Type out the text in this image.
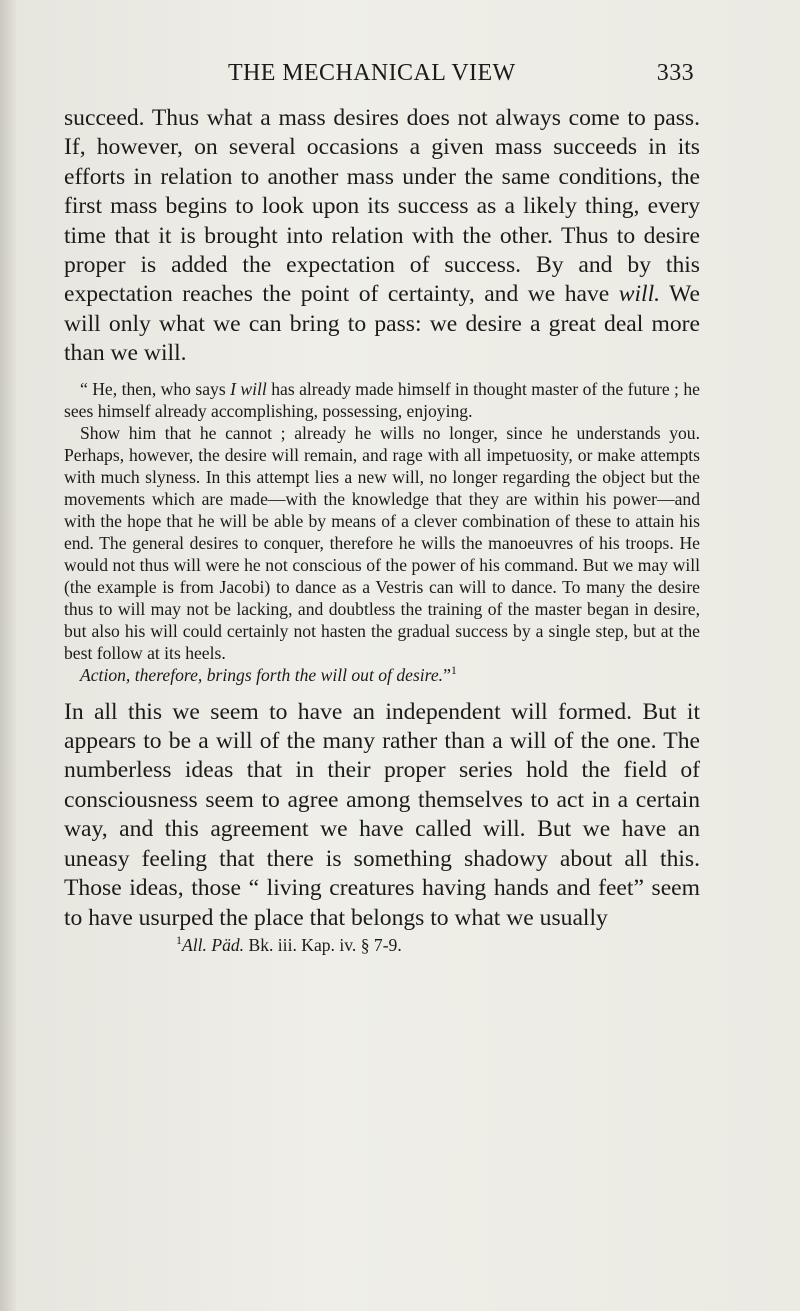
THE MECHANICAL VIEW	333

succeed. Thus what a mass desires does not always come to pass. If, however, on several occasions a given mass succeeds in its efforts in relation to another mass under the same conditions, the first mass begins to look upon its success as a likely thing, every time that it is brought into relation with the other. Thus to desire proper is added the expectation of success. By and by this expectation reaches the point of certainty, and we have will. We will only what we can bring to pass: we desire a great deal more than we will.

“ He, then, who says I will has already made himself in thought master of the future ; he sees himself already accomplishing, possessing, enjoying.

Show him that he cannot ; already he wills no longer, since he understands you. Perhaps, however, the desire will remain, and rage with all impetuosity, or make attempts with much slyness. In this attempt lies a new will, no longer regarding the object but the movements which are made—with the knowledge that they are within his power—and with the hope that he will be able by means of a clever combination of these to attain his end. The general desires to conquer, therefore he wills the manoeuvres of his troops. He would not thus will were he not conscious of the power of his command. But we may will (the example is from Jacobi) to dance as a Vestris can will to dance. To many the desire thus to will may not be lacking, and doubtless the training of the master began in desire, but also his will could certainly not hasten the gradual success by a single step, but at the best follow at its heels.

Action, therefore, brings forth the will out of desire.”$^1$

In all this we seem to have an independent will formed. But it appears to be a will of the many rather than a will of the one. The numberless ideas that in their proper series hold the field of consciousness seem to agree among themselves to act in a certain way, and this agreement we have called will. But we have an uneasy feeling that there is something shadowy about all this. Those ideas, those “ living creatures having hands and feet” seem to have usurped the place that belongs to what we usually

$^1$All. Päd. Bk. iii. Kap. iv. § 7-9.
